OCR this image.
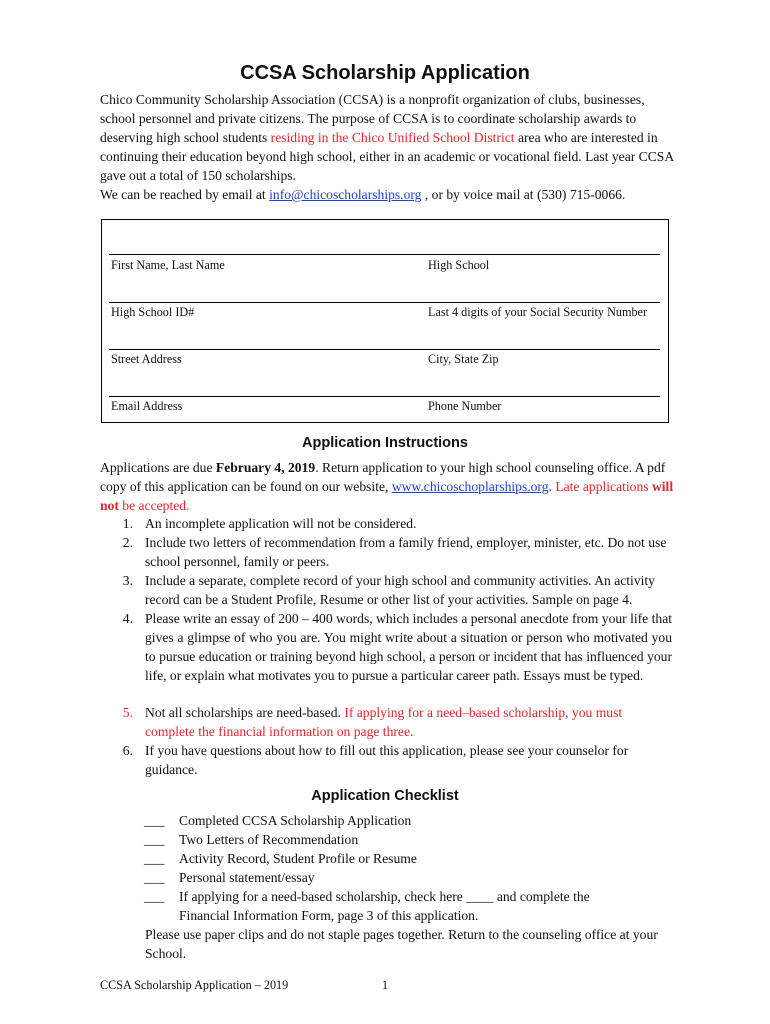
CCSA Scholarship Application
Chico Community Scholarship Association (CCSA) is a nonprofit organization of clubs, businesses, school personnel and private citizens. The purpose of CCSA is to coordinate scholarship awards to deserving high school students residing in the Chico Unified School District area who are interested in continuing their education beyond high school, either in an academic or vocational field. Last year CCSA gave out a total of 150 scholarships.
We can be reached by email at info@chicoscholarships.org , or by voice mail at (530) 715-0066.
First Name, Last Name	High School
High School ID#	Last 4 digits of your Social Security Number
Street Address	City, State Zip
Email Address	Phone Number
Application Instructions
Applications are due February 4, 2019. Return application to your high school counseling office. A pdf copy of this application can be found on our website, www.chicoschoplarships.org. Late applications will not be accepted.
1. An incomplete application will not be considered.
2. Include two letters of recommendation from a family friend, employer, minister, etc. Do not use school personnel, family or peers.
3. Include a separate, complete record of your high school and community activities. An activity record can be a Student Profile, Resume or other list of your activities. Sample on page 4.
4. Please write an essay of 200 – 400 words, which includes a personal anecdote from your life that gives a glimpse of who you are. You might write about a situation or person who motivated you to pursue education or training beyond high school, a person or incident that has influenced your life, or explain what motivates you to pursue a particular career path. Essays must be typed.
5. Not all scholarships are need-based. If applying for a need–based scholarship, you must complete the financial information on page three.
6. If you have questions about how to fill out this application, please see your counselor for guidance.
Application Checklist
___ Completed CCSA Scholarship Application
___ Two Letters of Recommendation
___ Activity Record, Student Profile or Resume
___ Personal statement/essay
___ If applying for a need-based scholarship, check here ____ and complete the
Financial Information Form, page 3 of this application.
Please use paper clips and do not staple pages together. Return to the counseling office at your School.
CCSA Scholarship Application – 2019	1
